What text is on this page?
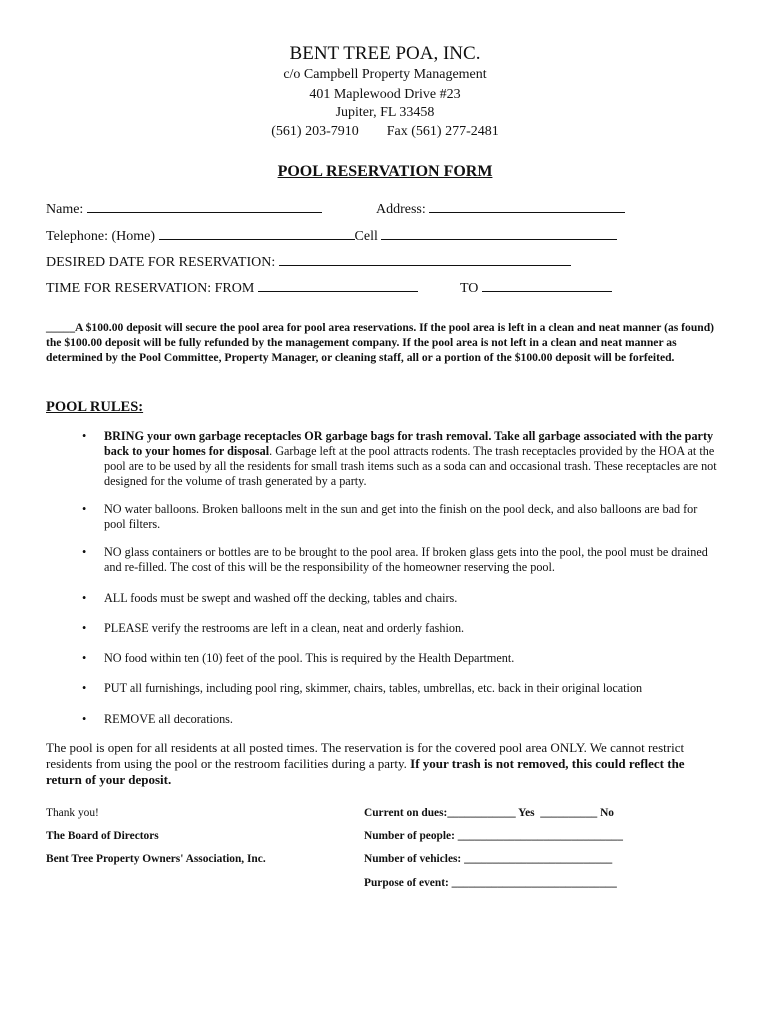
BENT TREE POA, INC.
c/o Campbell Property Management
401 Maplewood Drive #23
Jupiter, FL 33458
(561) 203-7910 Fax (561) 277-2481
POOL RESERVATION FORM
Name:	Address:
Telephone: (Home)	Cell
DESIRED DATE FOR RESERVATION:
TIME FOR RESERVATION: FROM	TO
_____A $100.00 deposit will secure the pool area for pool area reservations. If the pool area is left in a clean and neat manner (as found) the $100.00 deposit will be fully refunded by the management company. If the pool area is not left in a clean and neat manner as determined by the Pool Committee, Property Manager, or cleaning staff, all or a portion of the $100.00 deposit will be forfeited.
POOL RULES:
• BRING your own garbage receptacles OR garbage bags for trash removal. Take all garbage associated with the party back to your homes for disposal. Garbage left at the pool attracts rodents. The trash receptacles provided by the HOA at the pool are to be used by all the residents for small trash items such as a soda can and occasional trash. These receptacles are not designed for the volume of trash generated by a party.
• NO water balloons. Broken balloons melt in the sun and get into the finish on the pool deck, and also balloons are bad for pool filters.
• NO glass containers or bottles are to be brought to the pool area. If broken glass gets into the pool, the pool must be drained and re-filled. The cost of this will be the responsibility of the homeowner reserving the pool.
• ALL foods must be swept and washed off the decking, tables and chairs.
• PLEASE verify the restrooms are left in a clean, neat and orderly fashion.
• NO food within ten (10) feet of the pool. This is required by the Health Department.
• PUT all furnishings, including pool ring, skimmer, chairs, tables, umbrellas, etc. back in their original location
• REMOVE all decorations.
The pool is open for all residents at all posted times. The reservation is for the covered pool area ONLY. We cannot restrict residents from using the pool or the restroom facilities during a party. If your trash is not removed, this could reflect the return of your deposit.
Thank you!
The Board of Directors
Bent Tree Property Owners' Association, Inc.
Current on dues:____________ Yes __________ No
Number of people: _____________________________
Number of vehicles: __________________________
Purpose of event: _____________________________
